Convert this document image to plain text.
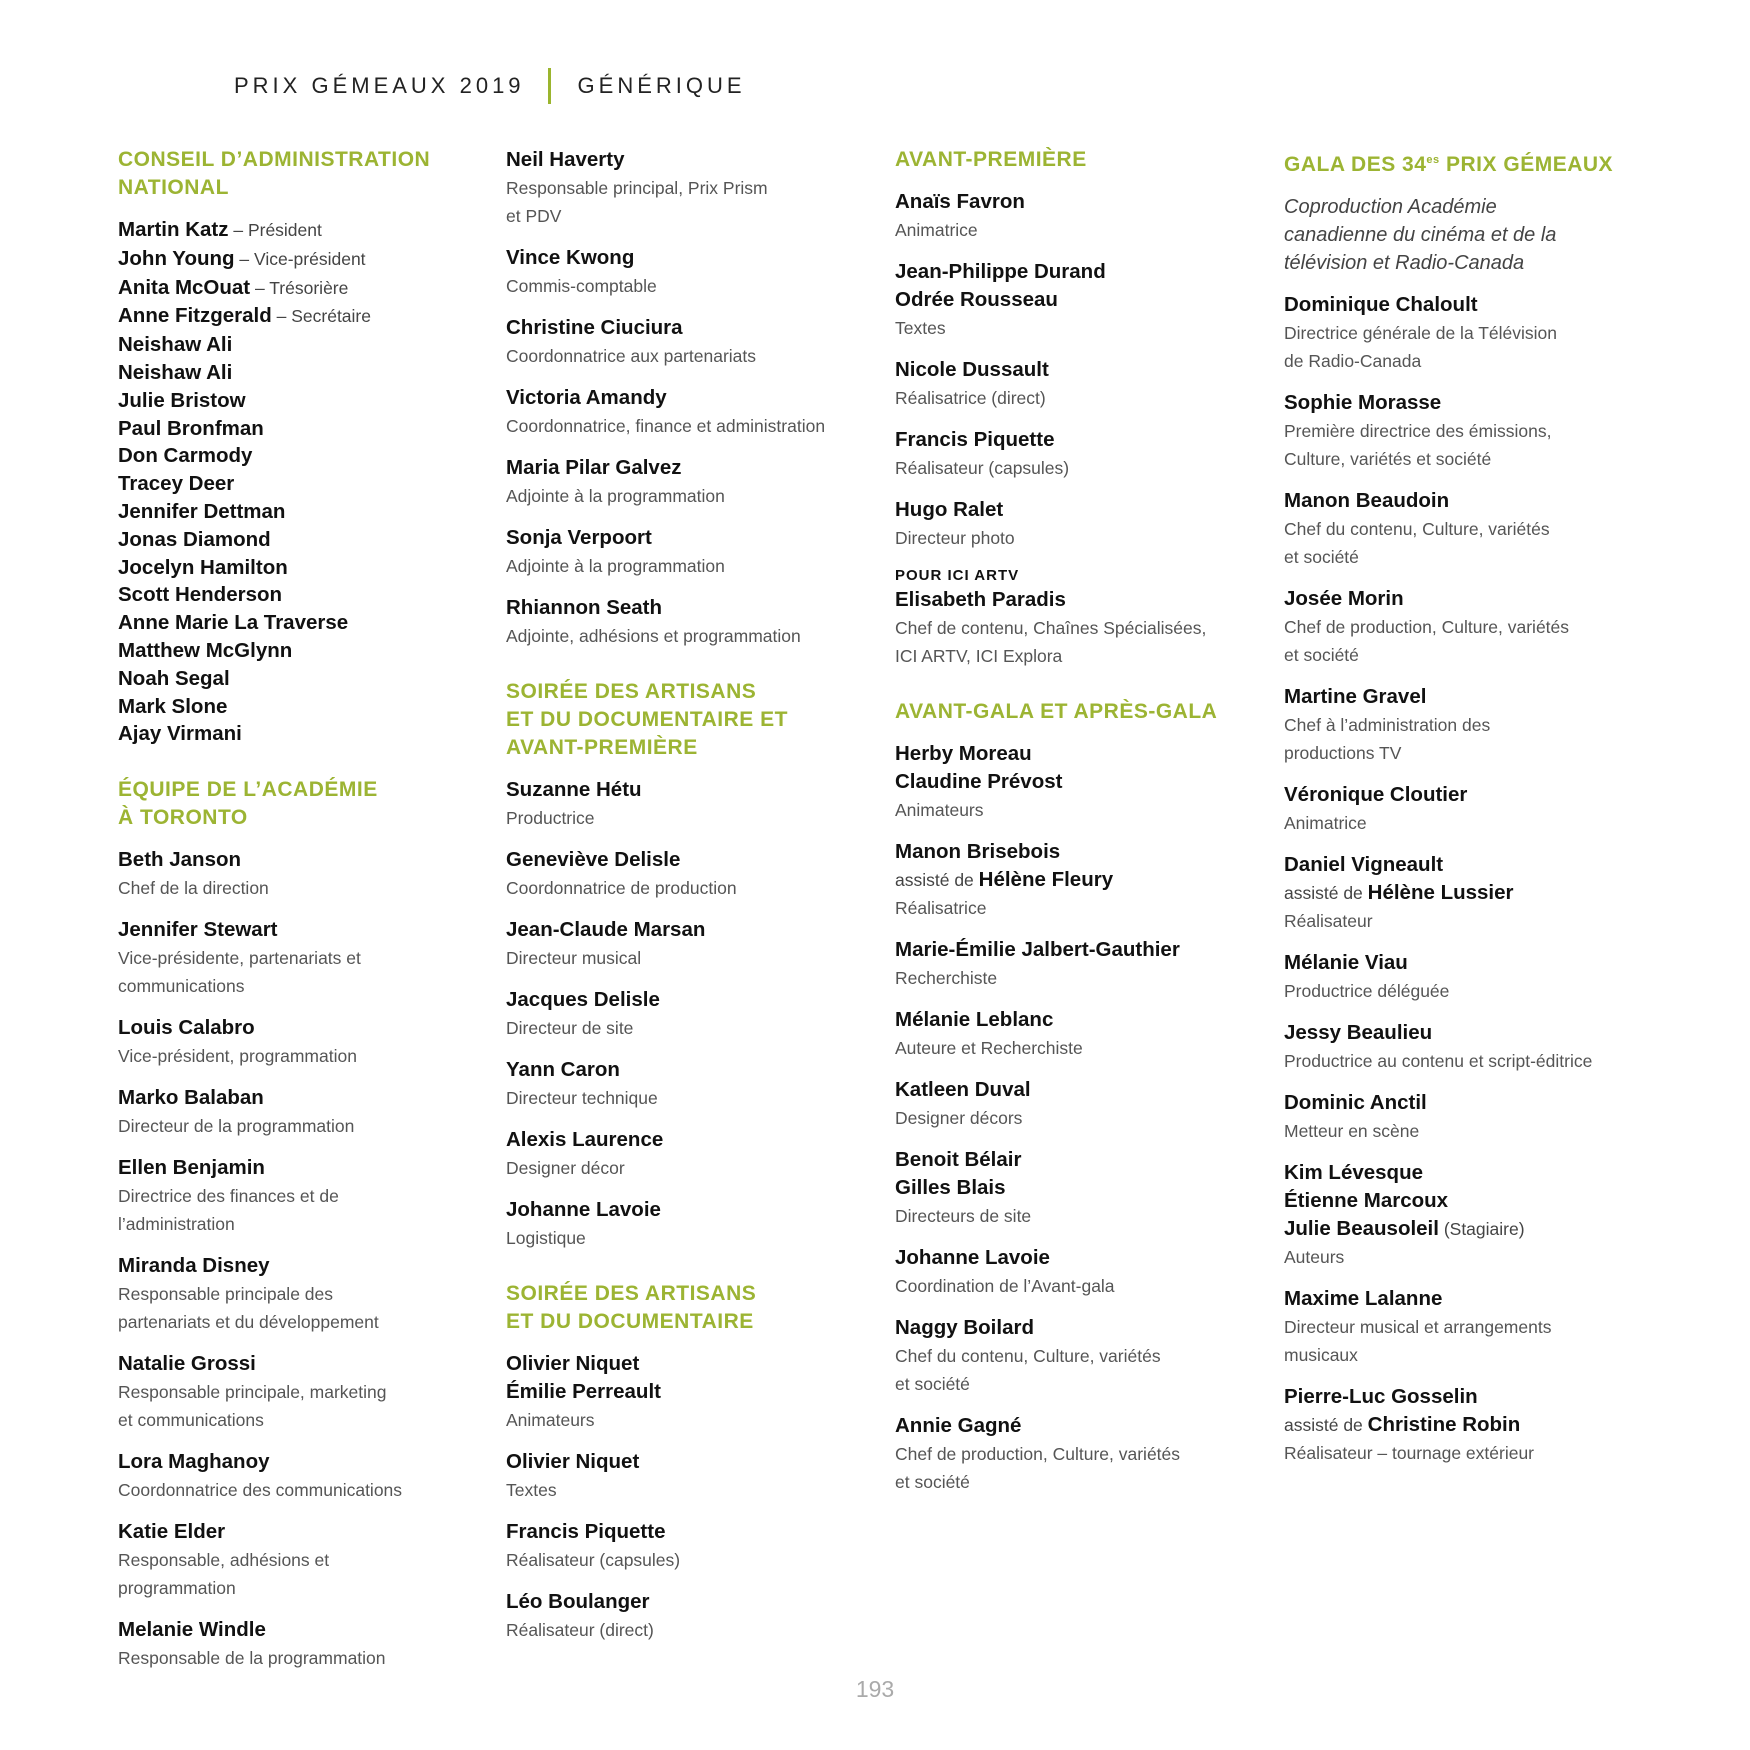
PRIX GÉMEAUX 2019 GÉNÉRIQUE
CONSEIL D’ADMINISTRATION
NATIONAL
Martin Katz – Président
John Young – Vice-président
Anita McOuat – Trésorière
Anne Fitzgerald – Secrétaire
Neishaw Ali
Neishaw Ali
Julie Bristow
Paul Bronfman
Don Carmody
Tracey Deer
Jennifer Dettman
Jonas Diamond
Jocelyn Hamilton
Scott Henderson
Anne Marie La Traverse
Matthew McGlynn
Noah Segal
Mark Slone
Ajay Virmani
ÉQUIPE DE L’ACADÉMIE
À TORONTO
Beth Janson
Chef de la direction
Jennifer Stewart
Vice-présidente, partenariats et
communications
Louis Calabro
Vice-président, programmation
Marko Balaban
Directeur de la programmation
Ellen Benjamin
Directrice des finances et de
l’administration
Miranda Disney
Responsable principale des
partenariats et du développement
Natalie Grossi
Responsable principale, marketing
et communications
Lora Maghanoy
Coordonnatrice des communications
Katie Elder
Responsable, adhésions et
programmation
Melanie Windle
Responsable de la programmation
Neil Haverty
Responsable principal, Prix Prism
et PDV
Vince Kwong
Commis-comptable
Christine Ciuciura
Coordonnatrice aux partenariats
Victoria Amandy
Coordonnatrice, finance et administration
Maria Pilar Galvez
Adjointe à la programmation
Sonja Verpoort
Adjointe à la programmation
Rhiannon Seath
Adjointe, adhésions et programmation
SOIRÉE DES ARTISANS
ET DU DOCUMENTAIRE ET
AVANT-PREMIÈRE
Suzanne Hétu
Productrice
Geneviève Delisle
Coordonnatrice de production
Jean-Claude Marsan
Directeur musical
Jacques Delisle
Directeur de site
Yann Caron
Directeur technique
Alexis Laurence
Designer décor
Johanne Lavoie
Logistique
SOIRÉE DES ARTISANS
ET DU DOCUMENTAIRE
Olivier Niquet
Émilie Perreault
Animateurs
Olivier Niquet
Textes
Francis Piquette
Réalisateur (capsules)
Léo Boulanger
Réalisateur (direct)
AVANT-PREMIÈRE
Anaïs Favron
Animatrice
Jean-Philippe Durand
Odrée Rousseau
Textes
Nicole Dussault
Réalisatrice (direct)
Francis Piquette
Réalisateur (capsules)
Hugo Ralet
Directeur photo
POUR ICI ARTV
Elisabeth Paradis
Chef de contenu, Chaînes Spécialisées,
ICI ARTV, ICI Explora
AVANT-GALA ET APRÈS-GALA
Herby Moreau
Claudine Prévost
Animateurs
Manon Brisebois
assisté de Hélène Fleury
Réalisatrice
Marie-Émilie Jalbert-Gauthier
Recherchiste
Mélanie Leblanc
Auteure et Recherchiste
Katleen Duval
Designer décors
Benoit Bélair
Gilles Blais
Directeurs de site
Johanne Lavoie
Coordination de l’Avant-gala
Naggy Boilard
Chef du contenu, Culture, variétés
et société
Annie Gagné
Chef de production, Culture, variétés
et société
GALA DES $34^{es}$ PRIX GÉMEAUX
Coproduction Académie
canadienne du cinéma et de la
télévision et Radio-Canada
Dominique Chaloult
Directrice générale de la Télévision
de Radio-Canada
Sophie Morasse
Première directrice des émissions,
Culture, variétés et société
Manon Beaudoin
Chef du contenu, Culture, variétés
et société
Josée Morin
Chef de production, Culture, variétés
et société
Martine Gravel
Chef à l’administration des
productions TV
Véronique Cloutier
Animatrice
Daniel Vigneault
assisté de Hélène Lussier
Réalisateur
Mélanie Viau
Productrice déléguée
Jessy Beaulieu
Productrice au contenu et script-éditrice
Dominic Anctil
Metteur en scène
Kim Lévesque
Étienne Marcoux
Julie Beausoleil (Stagiaire)
Auteurs
Maxime Lalanne
Directeur musical et arrangements
musicaux
Pierre-Luc Gosselin
assisté de Christine Robin
Réalisateur – tournage extérieur
193
